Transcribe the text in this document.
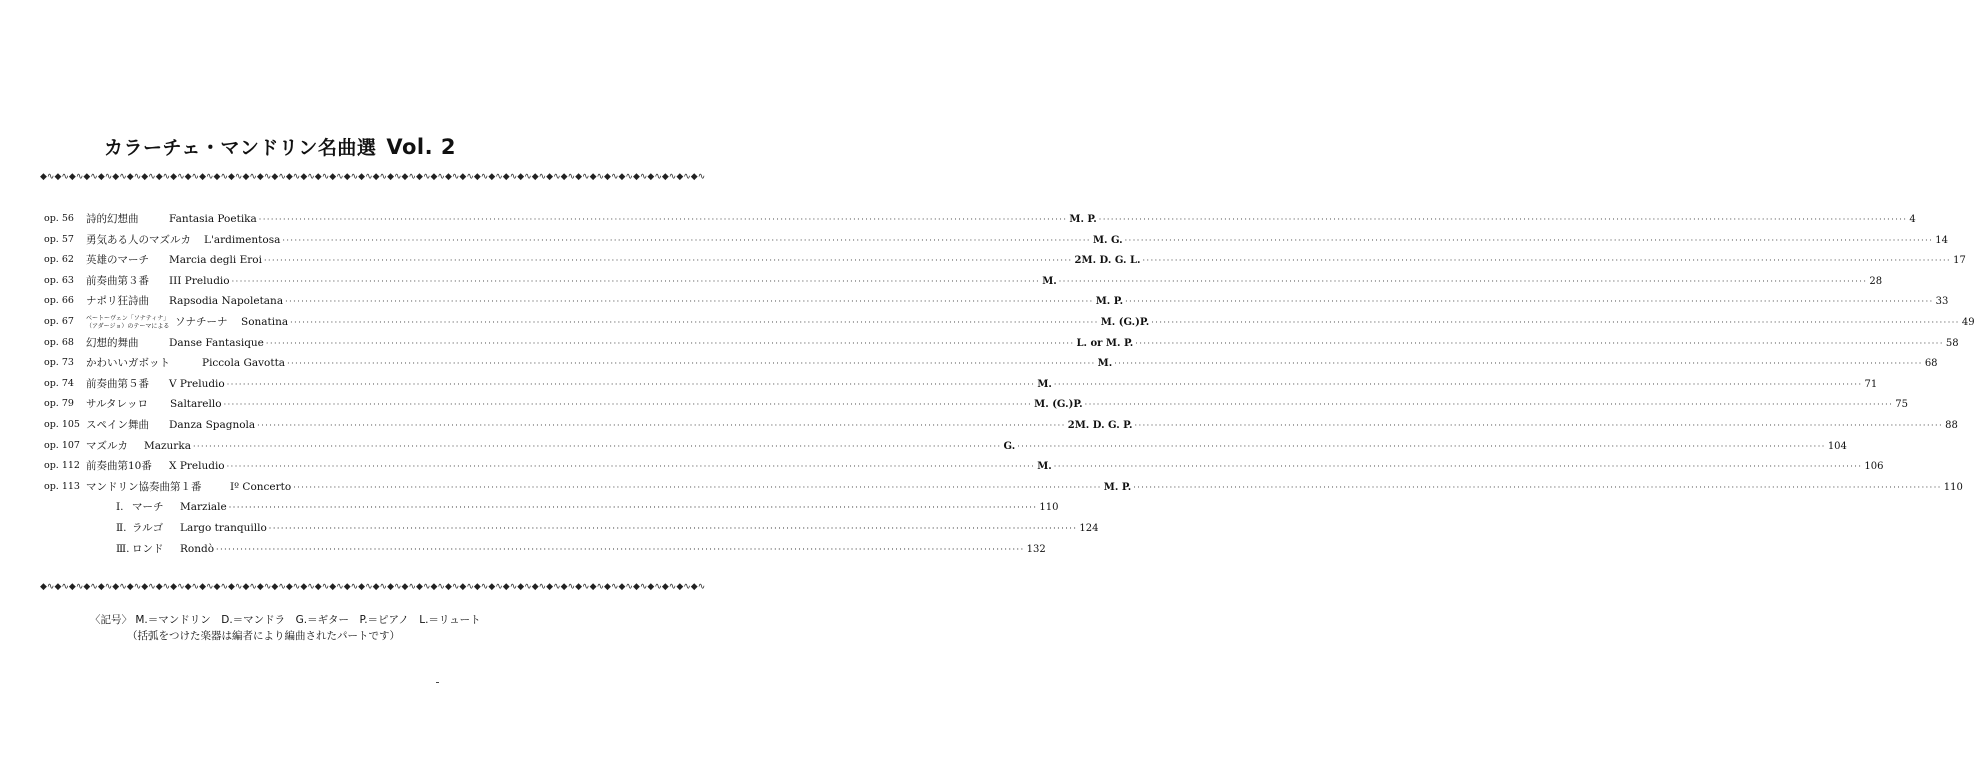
カラーチェ・マンドリン名曲選 Vol. 2
◆∿◆∿◆∿◆∿◆∿◆∿◆∿◆∿◆∿◆∿◆∿◆∿◆∿◆∿◆∿◆∿◆∿◆∿◆∿◆∿◆∿◆∿◆∿◆∿◆∿◆∿◆∿◆∿◆∿◆∿◆∿◆∿◆∿◆∿◆∿◆∿◆∿◆∿◆∿◆∿◆∿◆∿◆∿◆∿◆∿◆∿
op. 56	詩的幻想曲	Fantasia Poetika ········································································································································································································ M. P. ········································································································································································································ 4
op. 57	勇気ある人のマズルカ L'ardimentosa ········································································································································································································ M. G. ········································································································································································································ 14
op. 62	英雄のマーチ Marcia degli Eroi ········································································································································································································ 2M. D. G. L. ········································································································································································································ 17
op. 63	前奏曲第３番 III Preludio ········································································································································································································ M. ········································································································································································································ 28
op. 66	ナポリ狂詩曲 Rapsodia Napoletana ········································································································································································································ M. P. ········································································································································································································ 33
op. 67	ベートーヴェン「ソナティナ」
（アダージョ）のテーマによる ソナチーナ Sonatina ········································································································································································································ M. (G.)P. ········································································································································································································ 49
op. 68	幻想的舞曲	Danse Fantasique ········································································································································································································ L. or M. P. ········································································································································································································ 58
op. 73	かわいいガボット	Piccola Gavotta ········································································································································································································ M. ········································································································································································································ 68
op. 74	前奏曲第５番 V Preludio ········································································································································································································ M. ········································································································································································································ 71
op. 79	サルタレッロ Saltarello ········································································································································································································ M. (G.)P. ········································································································································································································ 75
op. 105 スペイン舞曲 Danza Spagnola ········································································································································································································ 2M. D. G. P. ········································································································································································································ 88
op. 107 マズルカ Mazurka ········································································································································································································ G. ········································································································································································································ 104
op. 112 前奏曲第10番 X Preludio ········································································································································································································ M. ········································································································································································································ 106
op. 113 マンドリン協奏曲第１番	Iº Concerto ········································································································································································································ M. P. ········································································································································································································ 110
Ⅰ. マーチ Marziale ········································································································································································································ 110
Ⅱ. ラルゴ Largo tranquillo ········································································································································································································ 124
Ⅲ. ロンド Rondò ········································································································································································································ 132
◆∿◆∿◆∿◆∿◆∿◆∿◆∿◆∿◆∿◆∿◆∿◆∿◆∿◆∿◆∿◆∿◆∿◆∿◆∿◆∿◆∿◆∿◆∿◆∿◆∿◆∿◆∿◆∿◆∿◆∿◆∿◆∿◆∿◆∿◆∿◆∿◆∿◆∿◆∿◆∿◆∿◆∿◆∿◆∿◆∿◆∿
〈記号〉 M.＝マンドリン　D.＝マンドラ　G.＝ギター　P.＝ピアノ　L.＝リュート
（括弧をつけた楽器は編者により編曲されたパートです）
